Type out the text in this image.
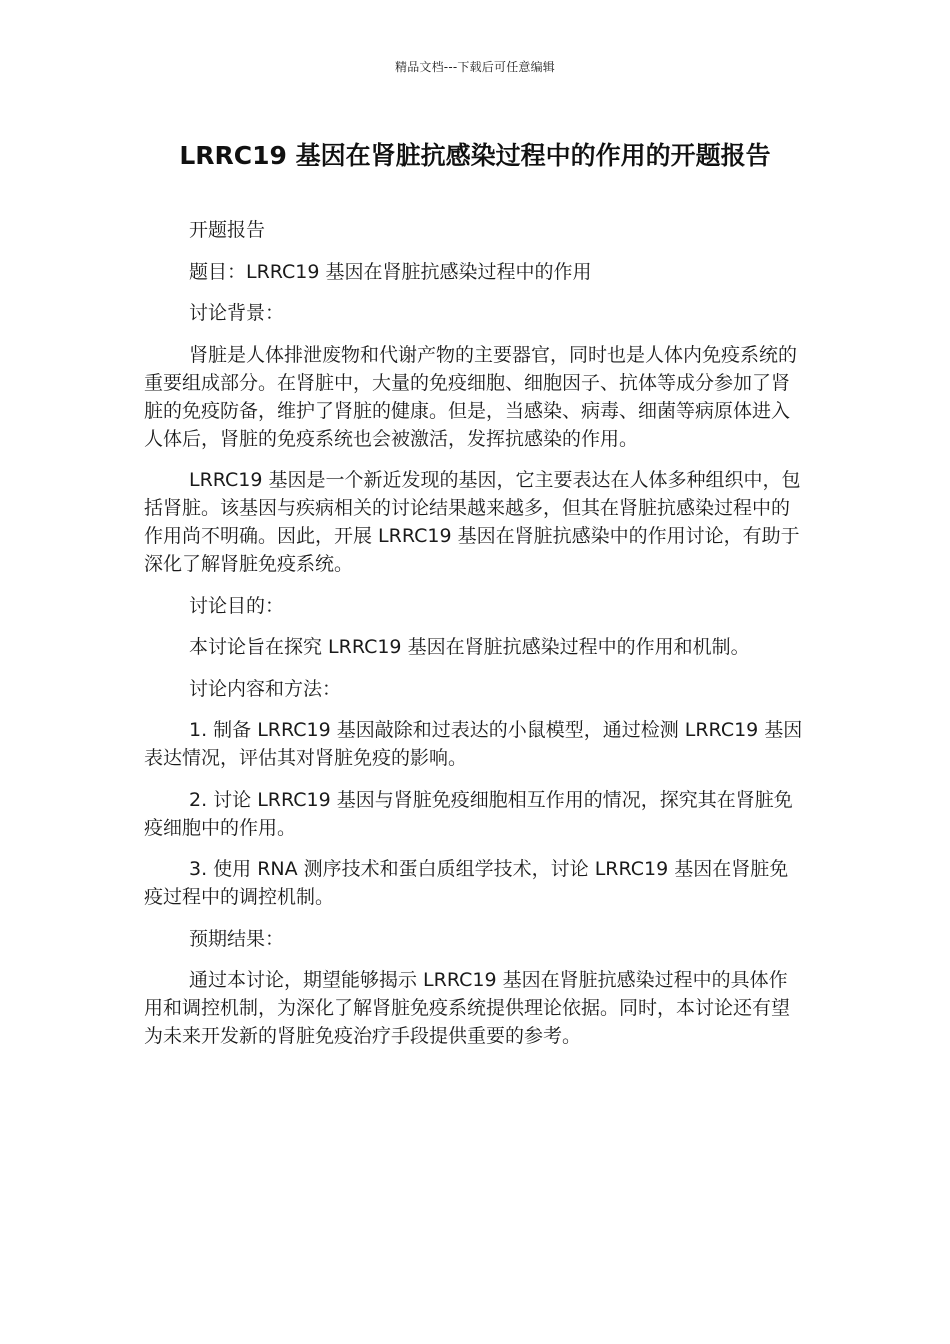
精品文档---下载后可任意编辑
LRRC19 基因在肾脏抗感染过程中的作用的开题报告

开题报告

题目：LRRC19 基因在肾脏抗感染过程中的作用

讨论背景：

肾脏是人体排泄废物和代谢产物的主要器官，同时也是人体内免疫系统的重要组成部分。在肾脏中，大量的免疫细胞、细胞因子、抗体等成分参加了肾脏的免疫防备，维护了肾脏的健康。但是，当感染、病毒、细菌等病原体进入人体后，肾脏的免疫系统也会被激活，发挥抗感染的作用。

LRRC19 基因是一个新近发现的基因，它主要表达在人体多种组织中，包括肾脏。该基因与疾病相关的讨论结果越来越多，但其在肾脏抗感染过程中的作用尚不明确。因此，开展 LRRC19 基因在肾脏抗感染中的作用讨论，有助于深化了解肾脏免疫系统。

讨论目的：

本讨论旨在探究 LRRC19 基因在肾脏抗感染过程中的作用和机制。

讨论内容和方法：

1. 制备 LRRC19 基因敲除和过表达的小鼠模型，通过检测 LRRC19 基因表达情况，评估其对肾脏免疫的影响。

2. 讨论 LRRC19 基因与肾脏免疫细胞相互作用的情况，探究其在肾脏免疫细胞中的作用。

3. 使用 RNA 测序技术和蛋白质组学技术，讨论 LRRC19 基因在肾脏免疫过程中的调控机制。

预期结果：

通过本讨论，期望能够揭示 LRRC19 基因在肾脏抗感染过程中的具体作用和调控机制，为深化了解肾脏免疫系统提供理论依据。同时，本讨论还有望为未来开发新的肾脏免疫治疗手段提供重要的参考。
